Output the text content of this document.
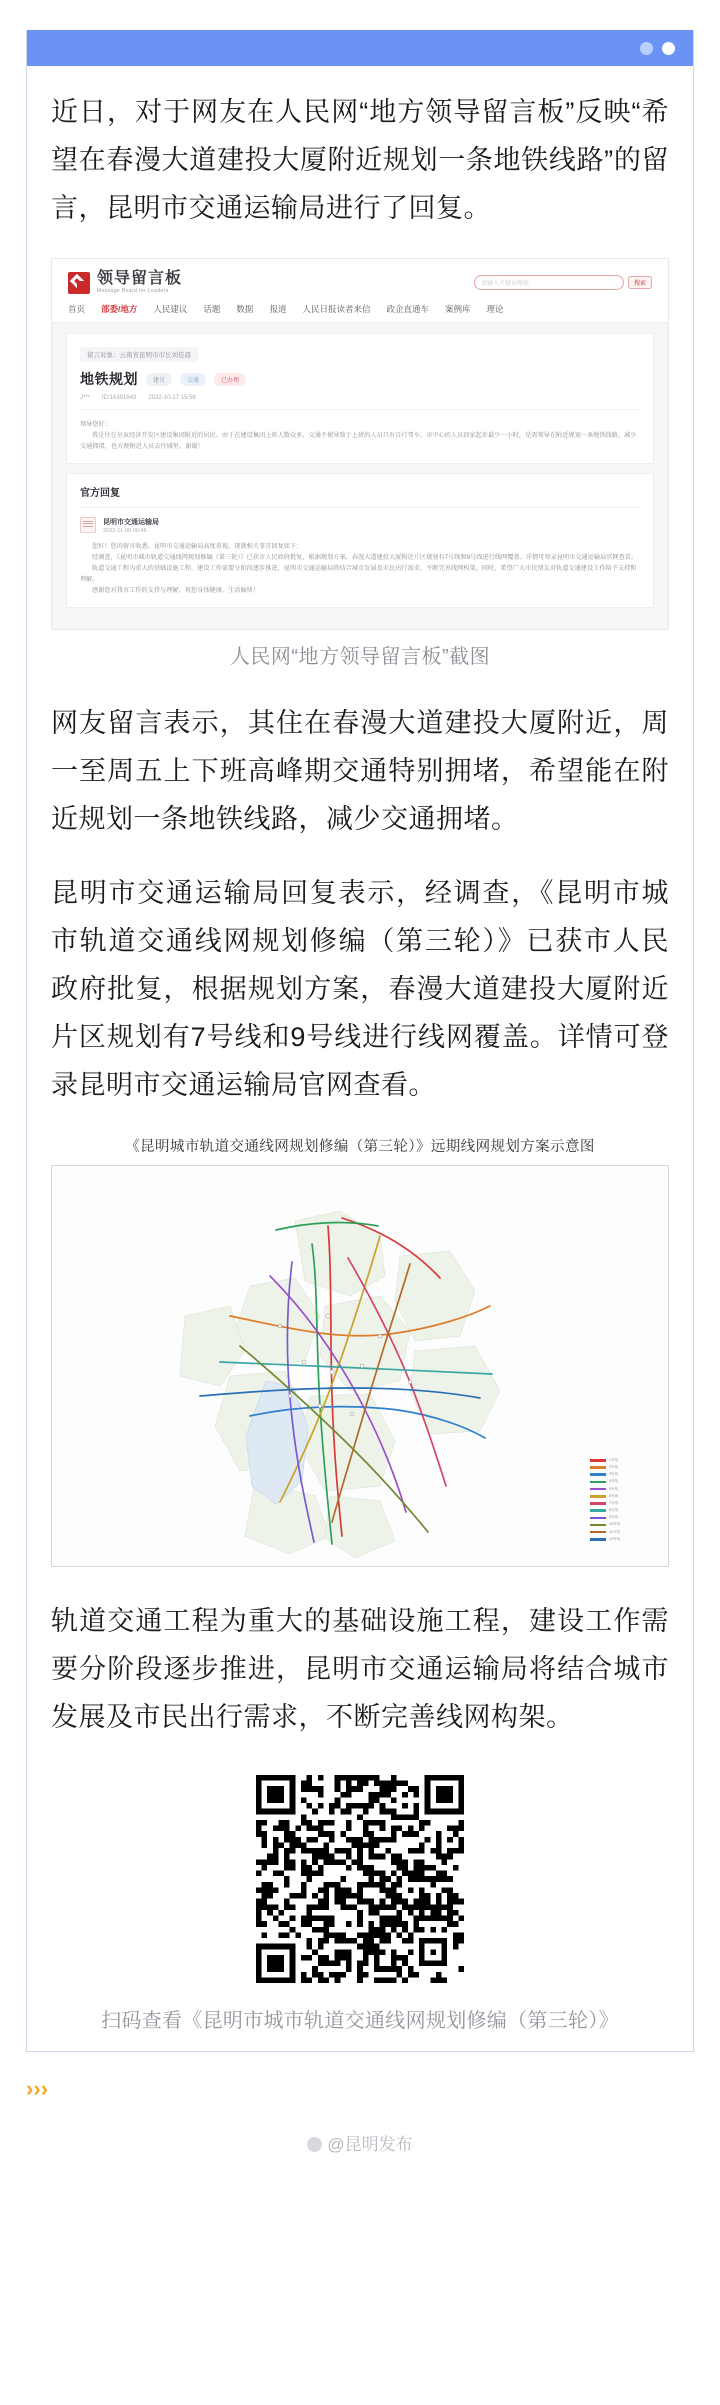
近日，对于网友在人民网“地方领导留言板”反映“希望在春漫大道建投大厦附近规划一条地铁线路”的留言，昆明市交通运输局进行了回复。

领导留言板
Message Board for Leaders
请输入关键词搜索	搜索
首页 部委/地方 人民建议 话题 数据 报道 人民日报读者来信 政企直通车 案例库 理论
留言对象：云南省昆明市市长刘佳晨
地铁规划	建言	交通	已办理
J*** ID:16301843 2022-10-17 15:59
领导您好：
我是住在呈贡经济开发区建设集团附近的居民。由于在建设集团上班人数众多，交通不便导致于上班的人员只有自行驾车，市中心的人员回家起步最少一小时，是需领导在附近规划一条地铁线路，减少交通拥堵，也方便附近人员去往城里。谢谢！
官方回复
昆明市交通运输局
2022-11-08 09:46
您好！您的留言收悉。昆明市交通运输局高度重视，现就相关事宜回复如下：
经调查，《昆明市城市轨道交通线网规划修编（第三轮）》已获市人民政府批复，根据规划方案，春漫大道建投大厦附近片区规划有7号线和9号线进行线网覆盖。详情可登录昆明市交通运输局官网查看。
轨道交通工程为重大的基础设施工程，建设工作需要分阶段逐步推进，昆明市交通运输局将结合城市发展及市民出行需求，不断完善线网构架。同时，希望广大市民朋友对轨道交通建设工作给予支持和理解。
感谢您对我市工作的支持与理解，祝您身体健康、生活愉快！
人民网“地方领导留言板”截图

网友留言表示，其住在春漫大道建投大厦附近，周一至周五上下班高峰期交通特别拥堵，希望能在附近规划一条地铁线路，减少交通拥堵。

昆明市交通运输局回复表示，经调查，《昆明市城市轨道交通线网规划修编（第三轮）》已获市人民政府批复，根据规划方案，春漫大道建投大厦附近片区规划有7号线和9号线进行线网覆盖。详情可登录昆明市交通运输局官网查看。

《昆明城市轨道交通线网规划修编（第三轮）》远期线网规划方案示意图
1号线
2号线
3号线
4号线
5号线
6号线
7号线
8号线
9号线
10号线
11号线
12号线

轨道交通工程为重大的基础设施工程，建设工作需要分阶段逐步推进，昆明市交通运输局将结合城市发展及市民出行需求，不断完善线网构架。

扫码查看《昆明市城市轨道交通线网规划修编（第三轮）》
›››
@昆明发布
